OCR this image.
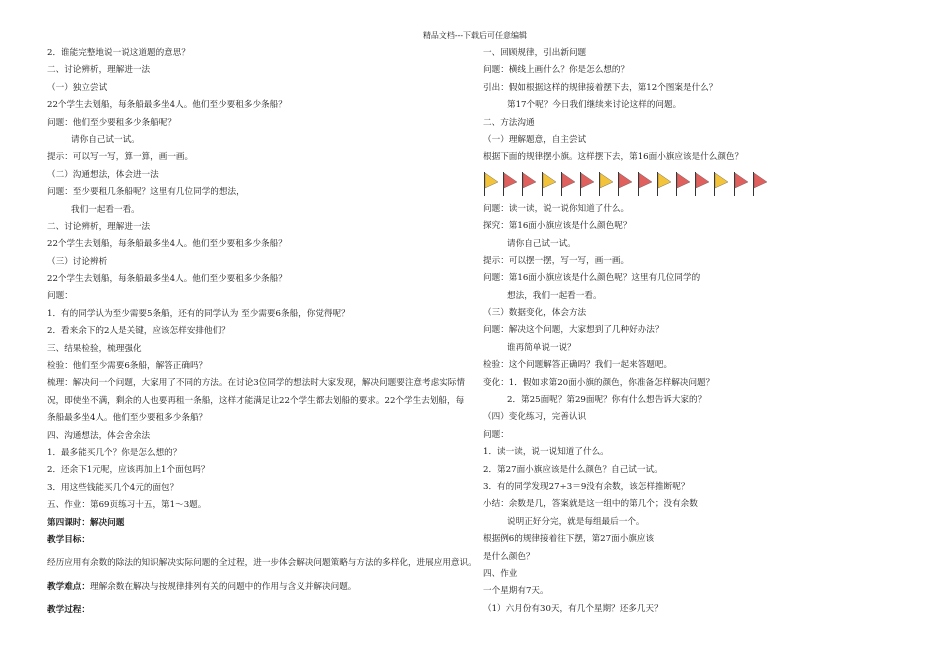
精品文档---下载后可任意编辑
2．谁能完整地说一说这道题的意思？
二、讨论辨析，理解进一法
（一）独立尝试
22个学生去划船，每条船最多坐4人。他们至少要租多少条船？
问题：他们至少要租多少条船呢？
请你自己试一试。
提示：可以写一写，算一算，画一画。
（二）沟通想法，体会进一法
问题：至少要租几条船呢？这里有几位同学的想法，
我们一起看一看。
二、讨论辨析，理解进一法
22个学生去划船，每条船最多坐4人。他们至少要租多少条船？
（三）讨论辨析
22个学生去划船，每条船最多坐4人。他们至少要租多少条船？
问题：
1．有的同学认为至少需要5条船，还有的同学认为 至少需要6条船，你觉得呢？
2．看来余下的2人是关键，应该怎样安排他们？
三、结果检验，梳理强化
检验：他们至少需要6条船，解答正确吗？
梳理：解决问一个问题，大家用了不同的方法。在讨论3位同学的想法时大家发现，解决问题要注意考虑实际情况，即使坐不满，剩余的人也要再租一条船，这样才能满足让22个学生都去划船的要求。22个学生去划船，每条船最多坐4人。他们至少要租多少条船？
四、沟通想法，体会舍余法
1．最多能买几个？你是怎么想的？
2．还余下1元呢，应该再加上1个面包吗？
3．用这些钱能买几个4元的面包？
五、作业：第69页练习十五，第1～3题。
第四课时：解决问题
教学目标：
经历应用有余数的除法的知识解决实际问题的全过程，进一步体会解决问题策略与方法的多样化，进展应用意识。
教学难点：理解余数在解决与按规律排列有关的问题中的作用与含义并解决问题。
教学过程：
一、回顾规律，引出新问题
问题：横线上画什么？你是怎么想的？
引出：假如根据这样的规律接着摆下去，第12个图案是什么？
第17个呢？今日我们继续来讨论这样的问题。
二、方法沟通
（一）理解题意，自主尝试
根据下面的规律摆小旗。这样摆下去，第16面小旗应该是什么颜色？
问题：读一读，说一说你知道了什么。
探究：第16面小旗应该是什么颜色呢？
请你自己试一试。
提示：可以摆一摆，写一写，画一画。
问题：第16面小旗应该是什么颜色呢？这里有几位同学的
想法，我们一起看一看。
（三）数据变化，体会方法
问题：解决这个问题，大家想到了几种好办法？
谁再简单说一说？
检验：这个问题解答正确吗？我们一起来答题吧。
变化：1．假如求第20面小旗的颜色，你准备怎样解决问题？
2．第25面呢？第29面呢？你有什么想告诉大家的？
（四）变化练习，完善认识
问题：
1．读一读，说一说知道了什么。
2．第27面小旗应该是什么颜色？自己试一试。
3．有的同学发现27÷3＝9没有余数，该怎样推断呢？
小结：余数是几，答案就是这一组中的第几个；没有余数
说明正好分完，就是每组最后一个。
根据例6的规律接着往下摆，第27面小旗应该
是什么颜色？
四、作业
一个星期有7天。
（1）六月份有30天，有几个星期？还多几天？
